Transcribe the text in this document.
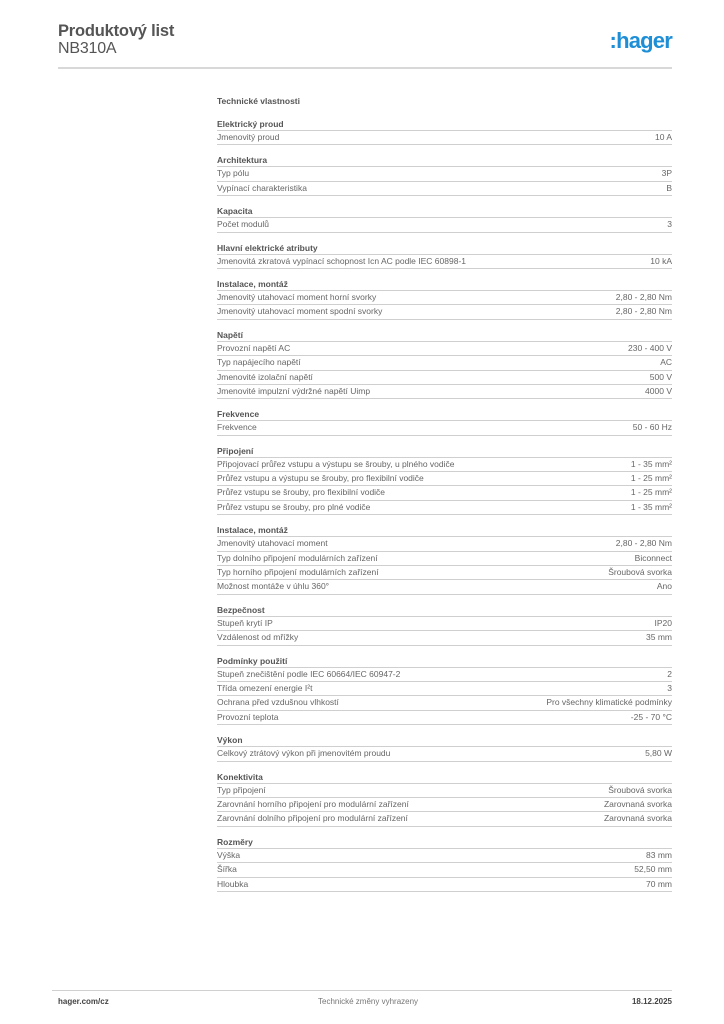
Produktový list
NB310A	:hager
Technické vlastnosti
Elektrický proud
Jmenovitý proud	10 A
Architektura
Typ pólu	3P
Vypínací charakteristika	B
Kapacita
Počet modulů	3
Hlavní elektrické atributy
Jmenovitá zkratová vypínací schopnost Icn AC podle IEC 60898-1	10 kA
Instalace, montáž
Jmenovitý utahovací moment horní svorky	2,80 - 2,80 Nm
Jmenovitý utahovací moment spodní svorky	2,80 - 2,80 Nm
Napětí
Provozní napětí AC	230 - 400 V
Typ napájecího napětí	AC
Jmenovité izolační napětí	500 V
Jmenovité impulzní výdržné napětí Uimp	4000 V
Frekvence
Frekvence	50 - 60 Hz
Připojení
Připojovací průřez vstupu a výstupu se šrouby, u plného vodiče	1 - 35 mm²
Průřez vstupu a výstupu se šrouby, pro flexibilní vodiče	1 - 25 mm²
Průřez vstupu se šrouby, pro flexibilní vodiče	1 - 25 mm²
Průřez vstupu se šrouby, pro plné vodiče	1 - 35 mm²
Instalace, montáž
Jmenovitý utahovací moment	2,80 - 2,80 Nm
Typ dolního připojení modulárních zařízení	Biconnect
Typ horního připojení modulárních zařízení	Šroubová svorka
Možnost montáže v úhlu 360°	Ano
Bezpečnost
Stupeň krytí IP	IP20
Vzdálenost od mřížky	35 mm
Podmínky použití
Stupeň znečištění podle IEC 60664/IEC 60947-2	2
Třída omezení energie I²t	3
Ochrana před vzdušnou vlhkostí	Pro všechny klimatické podmínky
Provozní teplota	-25 - 70 °C
Výkon
Celkový ztrátový výkon při jmenovitém proudu	5,80 W
Konektivita
Typ připojení	Šroubová svorka
Zarovnání horního připojení pro modulární zařízení	Zarovnaná svorka
Zarovnání dolního připojení pro modulární zařízení	Zarovnaná svorka
Rozměry
Výška	83 mm
Šířka	52,50 mm
Hloubka	70 mm
hager.com/cz	Technické změny vyhrazeny	18.12.2025
